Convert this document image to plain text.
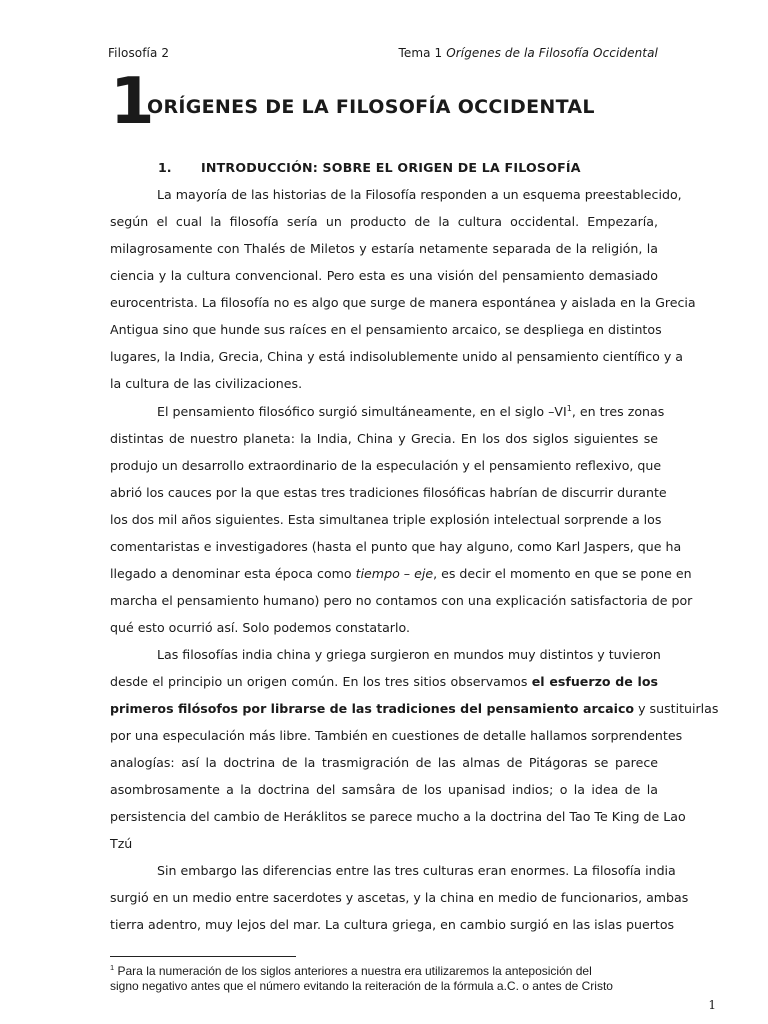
Filosofía 2	Tema 1 Orígenes de la Filosofía Occidental
1
ORÍGENES DE LA FILOSOFÍA OCCIDENTAL
1. INTRODUCCIÓN: SOBRE EL ORIGEN DE LA FILOSOFÍA
La mayoría de las historias de la Filosofía responden a un esquema preestablecido,
según el cual la filosofía sería un producto de la cultura occidental. Empezaría,
milagrosamente con Thalés de Miletos y estaría netamente separada de la religión, la
ciencia y la cultura convencional. Pero esta es una visión del pensamiento demasiado
eurocentrista. La filosofía no es algo que surge de manera espontánea y aislada en la Grecia
Antigua sino que hunde sus raíces en el pensamiento arcaico, se despliega en distintos
lugares, la India, Grecia, China y está indisolublemente unido al pensamiento científico y a
la cultura de las civilizaciones.
El pensamiento filosófico surgió simultáneamente, en el siglo $-VI^1$, en tres zonas
distintas de nuestro planeta: la India, China y Grecia. En los dos siglos siguientes se
produjo un desarrollo extraordinario de la especulación y el pensamiento reflexivo, que
abrió los cauces por la que estas tres tradiciones filosóficas habrían de discurrir durante
los dos mil años siguientes. Esta simultanea triple explosión intelectual sorprende a los
comentaristas e investigadores (hasta el punto que hay alguno, como Karl Jaspers, que ha
llegado a denominar esta época como tiempo – eje, es decir el momento en que se pone en
marcha el pensamiento humano) pero no contamos con una explicación satisfactoria de por
qué esto ocurrió así. Solo podemos constatarlo.
Las filosofías india china y griega surgieron en mundos muy distintos y tuvieron
desde el principio un origen común. En los tres sitios observamos el esfuerzo de los
primeros filósofos por librarse de las tradiciones del pensamiento arcaico y sustituirlas
por una especulación más libre. También en cuestiones de detalle hallamos sorprendentes
analogías: así la doctrina de la trasmigración de las almas de Pitágoras se parece
asombrosamente a la doctrina del samsâra de los upanisad indios; o la idea de la
persistencia del cambio de Heráklitos se parece mucho a la doctrina del Tao Te King de Lao
Tzú
Sin embargo las diferencias entre las tres culturas eran enormes. La filosofía india
surgió en un medio entre sacerdotes y ascetas, y la china en medio de funcionarios, ambas
tierra adentro, muy lejos del mar. La cultura griega, en cambio surgió en las islas puertos
$^1$ Para la numeración de los siglos anteriores a nuestra era utilizaremos la anteposición del
signo negativo antes que el número evitando la reiteración de la fórmula a.C. o antes de Cristo
1
